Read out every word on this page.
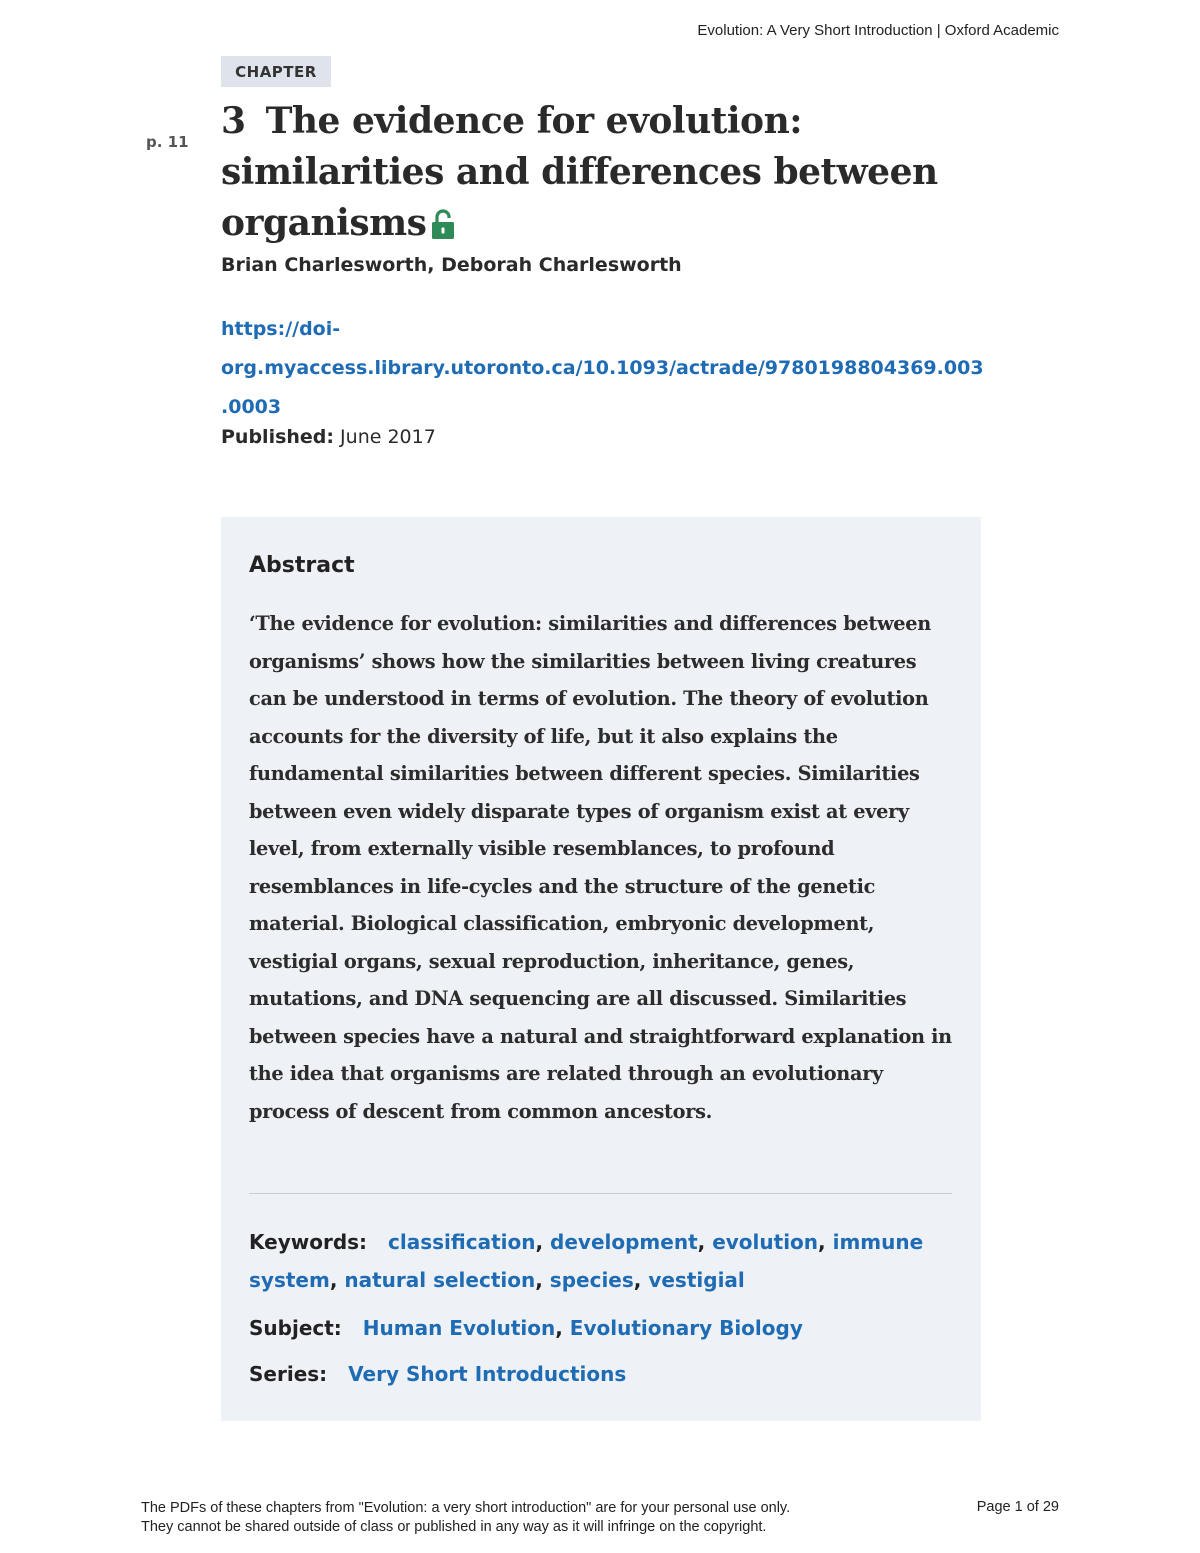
Evolution: A Very Short Introduction | Oxford Academic
CHAPTER
p. 11 3 The evidence for evolution: similarities and differences between organisms
Brian Charlesworth, Deborah Charlesworth
https://doi-
org.myaccess.library.utoronto.ca/10.1093/actrade/9780198804369.003
.0003
Published: June 2017
Abstract

‘The evidence for evolution: similarities and differences between organisms’ shows how the similarities between living creatures can be understood in terms of evolution. The theory of evolution accounts for the diversity of life, but it also explains the fundamental similarities between different species. Similarities between even widely disparate types of organism exist at every level, from externally visible resemblances, to profound resemblances in life-cycles and the structure of the genetic material. Biological classification, embryonic development, vestigial organs, sexual reproduction, inheritance, genes, mutations, and DNA sequencing are all discussed. Similarities between species have a natural and straightforward explanation in the idea that organisms are related through an evolutionary process of descent from common ancestors.

Keywords: classification, development, evolution, immune system, natural selection, species, vestigial
Subject: Human Evolution, Evolutionary Biology
Series: Very Short Introductions
The PDFs of these chapters from "Evolution: a very short introduction" are for your personal use only.
They cannot be shared outside of class or published in any way as it will infringe on the copyright.
Page 1 of 29
